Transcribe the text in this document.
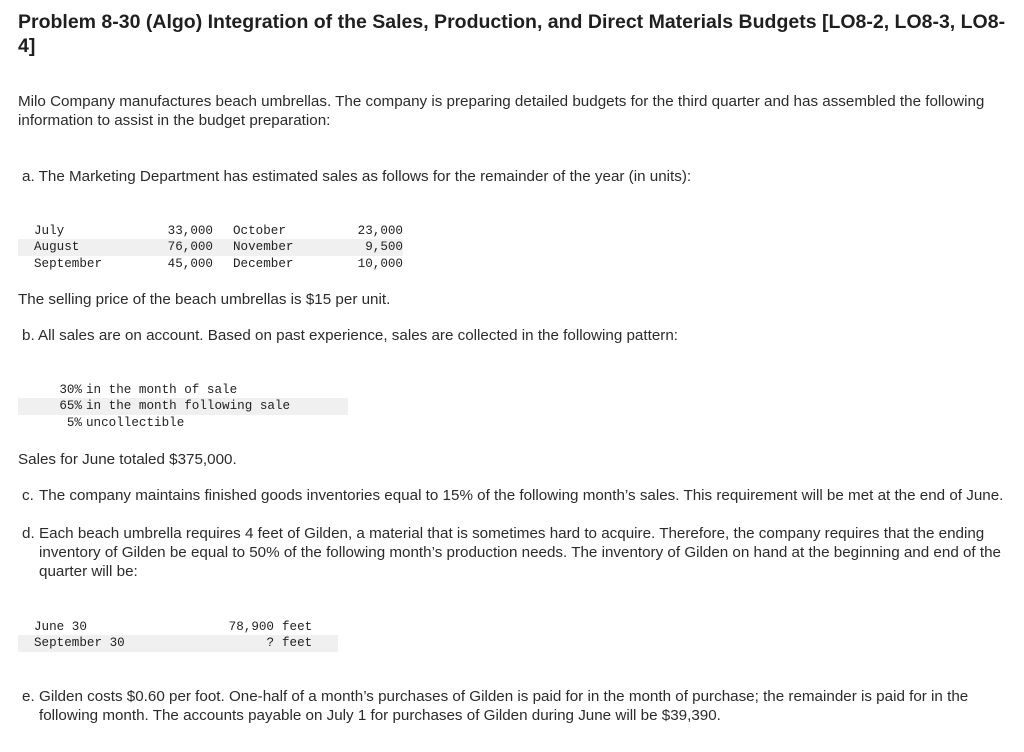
Problem 8-30 (Algo) Integration of the Sales, Production, and Direct Materials Budgets [LO8-2, LO8-3, LO8-4]

Milo Company manufactures beach umbrellas. The company is preparing detailed budgets for the third quarter and has assembled the following information to assist in the budget preparation:

a. The Marketing Department has estimated sales as follows for the remainder of the year (in units):

July	33,000	October	23,000
August	76,000	November	9,500
September	45,000	December	10,000

The selling price of the beach umbrellas is $15 per unit.

b. All sales are on account. Based on past experience, sales are collected in the following pattern:

30%	in the month of sale
65%	in the month following sale
5%	uncollectible

Sales for June totaled $375,000.

c. The company maintains finished goods inventories equal to 15% of the following month’s sales. This requirement will be met at the end of June.
d. Each beach umbrella requires 4 feet of Gilden, a material that is sometimes hard to acquire. Therefore, the company requires that the ending inventory of Gilden be equal to 50% of the following month’s production needs. The inventory of Gilden on hand at the beginning and end of the quarter will be:
June 30	78,900	feet
September 30	?	feet
e. Gilden costs $0.60 per foot. One-half of a month’s purchases of Gilden is paid for in the month of purchase; the remainder is paid for in the following month. The accounts payable on July 1 for purchases of Gilden during June will be $39,390.
